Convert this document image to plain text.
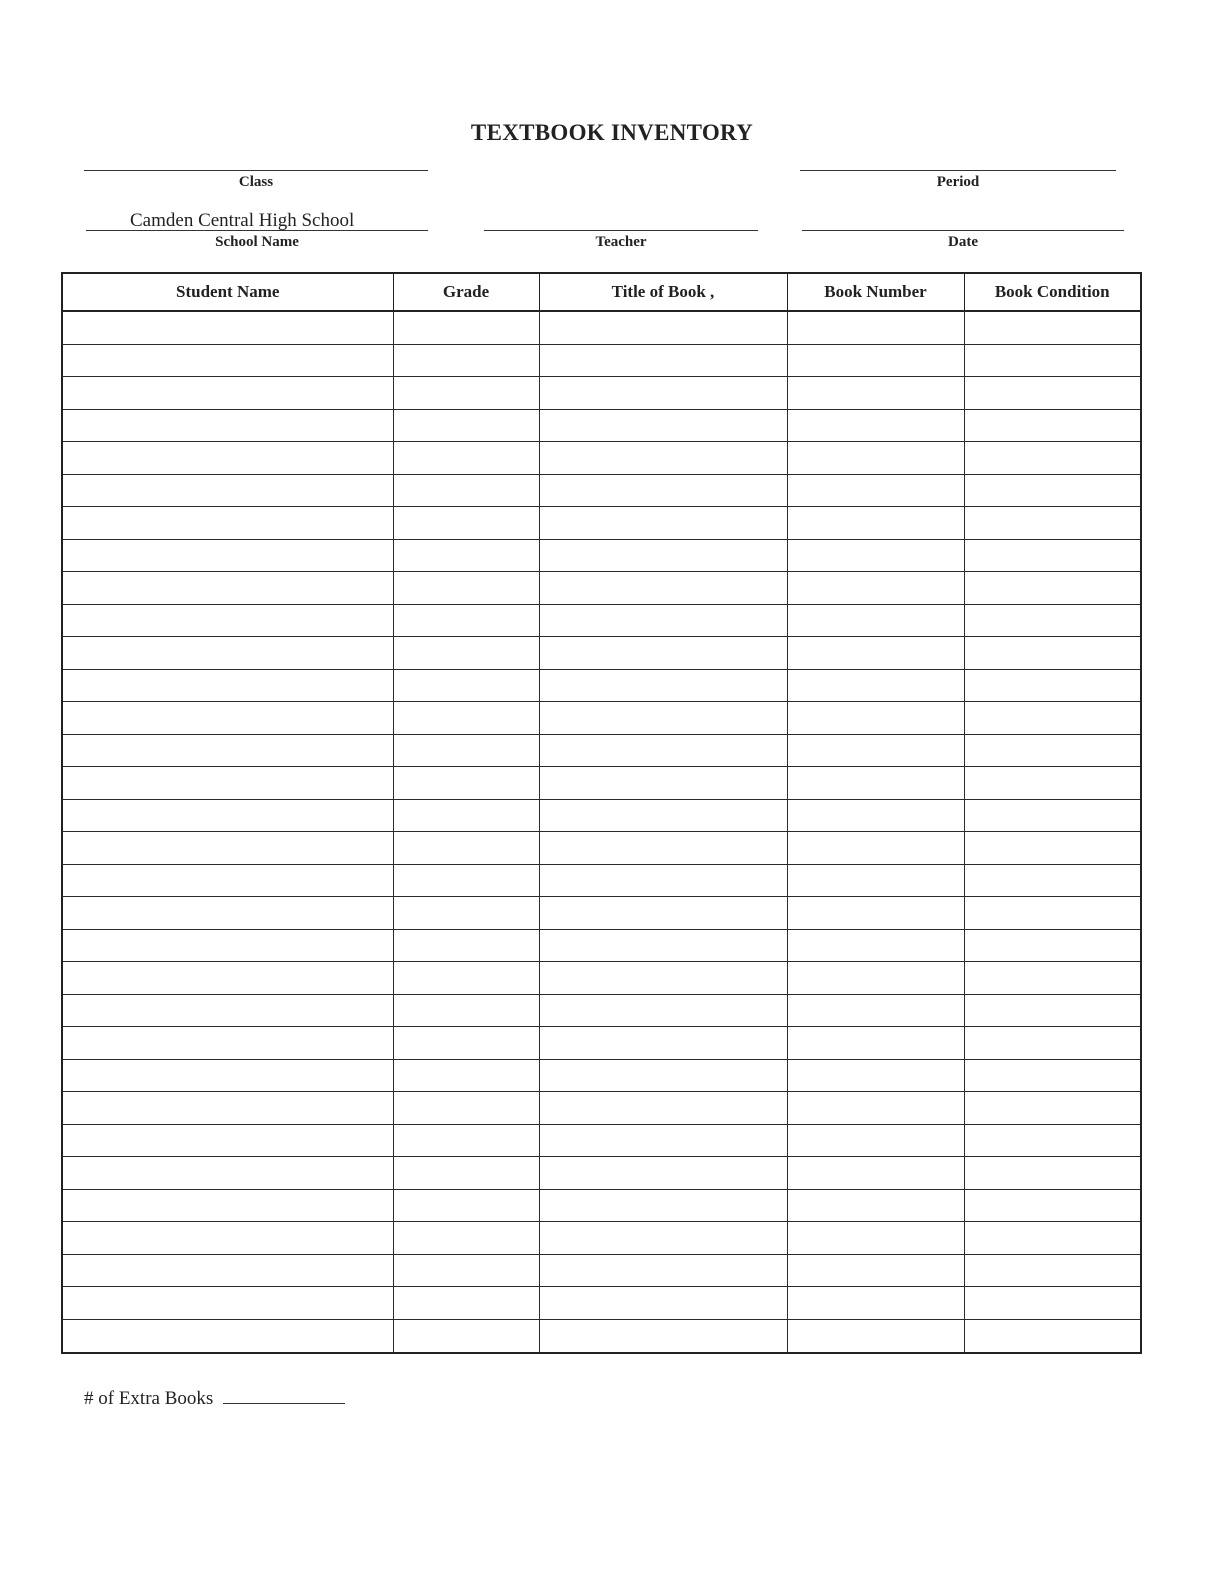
TEXTBOOK INVENTORY
Class	Period
Camden Central High School
School Name	Teacher	Date
Student Name	Grade	Title of Book ,	Book Number	Book Condition

# of Extra Books
